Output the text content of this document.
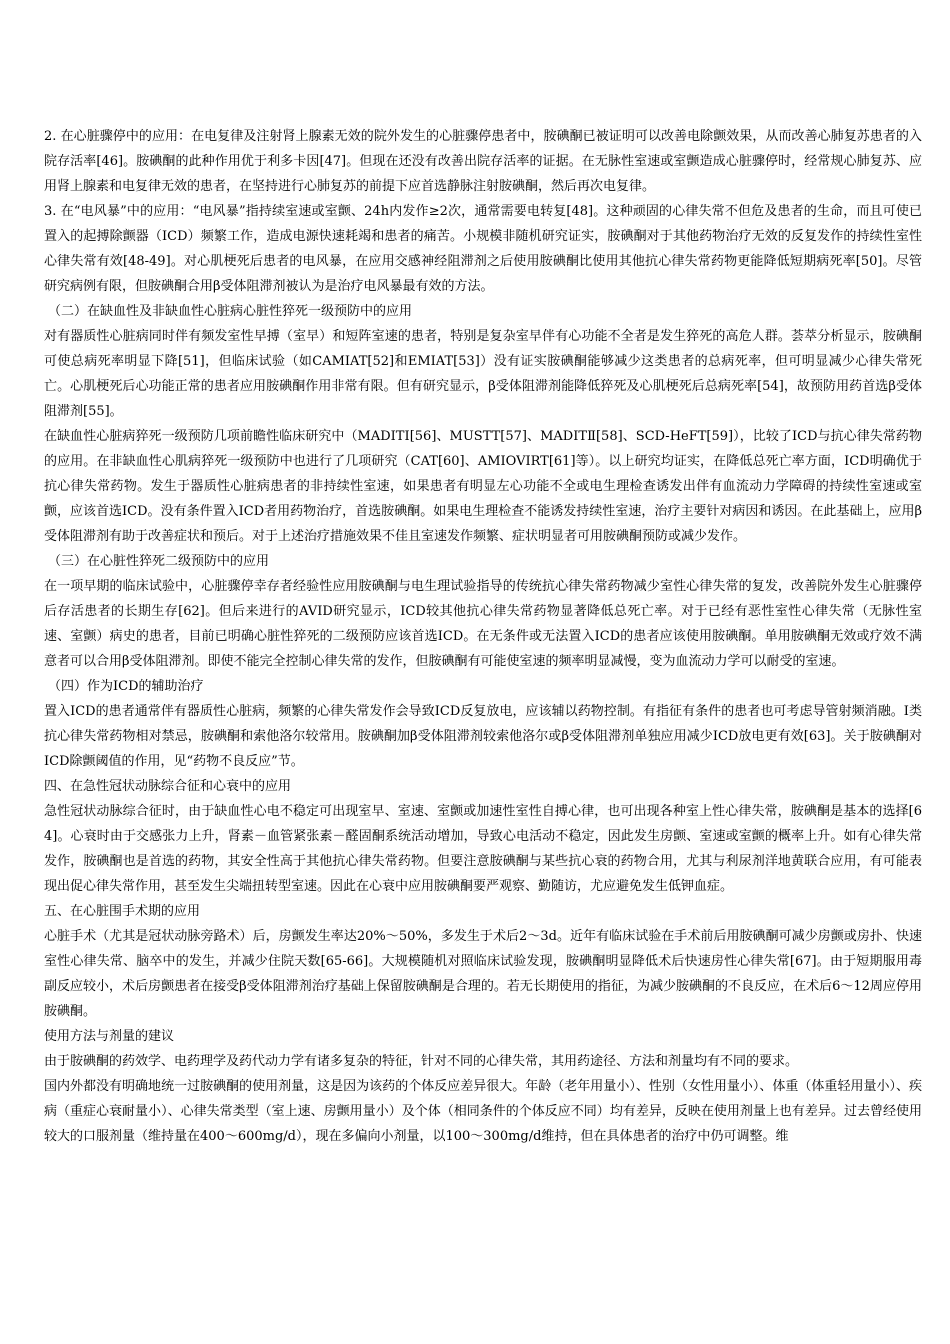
2. 在心脏骤停中的应用：在电复律及注射肾上腺素无效的院外发生的心脏骤停患者中，胺碘酮已被证明可以改善电除颤效果，从而改善心肺复苏患者的入院存活率[46]。胺碘酮的此种作用优于利多卡因[47]。但现在还没有改善出院存活率的证据。在无脉性室速或室颤造成心脏骤停时，经常规心肺复苏、应用肾上腺素和电复律无效的患者，在坚持进行心肺复苏的前提下应首选静脉注射胺碘酮，然后再次电复律。

3. 在“电风暴”中的应用：“电风暴”指持续室速或室颤、24h内发作≥2次，通常需要电转复[48]。这种顽固的心律失常不但危及患者的生命，而且可使已置入的起搏除颤器（ICD）频繁工作，造成电源快速耗竭和患者的痛苦。小规模非随机研究证实，胺碘酮对于其他药物治疗无效的反复发作的持续性室性心律失常有效[48-49]。对心肌梗死后患者的电风暴，在应用交感神经阻滞剂之后使用胺碘酮比使用其他抗心律失常药物更能降低短期病死率[50]。尽管研究病例有限，但胺碘酮合用β受体阻滞剂被认为是治疗电风暴最有效的方法。

（二）在缺血性及非缺血性心脏病心脏性猝死一级预防中的应用

对有器质性心脏病同时伴有频发室性早搏（室早）和短阵室速的患者，特别是复杂室早伴有心功能不全者是发生猝死的高危人群。荟萃分析显示，胺碘酮可使总病死率明显下降[51]，但临床试验（如CAMIAT[52]和EMIAT[53]）没有证实胺碘酮能够减少这类患者的总病死率，但可明显减少心律失常死亡。心肌梗死后心功能正常的患者应用胺碘酮作用非常有限。但有研究显示，β受体阻滞剂能降低猝死及心肌梗死后总病死率[54]，故预防用药首选β受体阻滞剂[55]。

在缺血性心脏病猝死一级预防几项前瞻性临床研究中（MADITⅠ[56]、MUSTT[57]、MADITⅡ[58]、SCD-HeFT[59]），比较了ICD与抗心律失常药物的应用。在非缺血性心肌病猝死一级预防中也进行了几项研究（CAT[60]、AMIOVIRT[61]等）。以上研究均证实，在降低总死亡率方面，ICD明确优于抗心律失常药物。发生于器质性心脏病患者的非持续性室速，如果患者有明显左心功能不全或电生理检查诱发出伴有血流动力学障碍的持续性室速或室颤，应该首选ICD。没有条件置入ICD者用药物治疗，首选胺碘酮。如果电生理检查不能诱发持续性室速，治疗主要针对病因和诱因。在此基础上，应用β受体阻滞剂有助于改善症状和预后。对于上述治疗措施效果不佳且室速发作频繁、症状明显者可用胺碘酮预防或减少发作。

（三）在心脏性猝死二级预防中的应用

在一项早期的临床试验中，心脏骤停幸存者经验性应用胺碘酮与电生理试验指导的传统抗心律失常药物减少室性心律失常的复发，改善院外发生心脏骤停后存活患者的长期生存[62]。但后来进行的AVID研究显示，ICD较其他抗心律失常药物显著降低总死亡率。对于已经有恶性室性心律失常（无脉性室速、室颤）病史的患者，目前已明确心脏性猝死的二级预防应该首选ICD。在无条件或无法置入ICD的患者应该使用胺碘酮。单用胺碘酮无效或疗效不满意者可以合用β受体阻滞剂。即使不能完全控制心律失常的发作，但胺碘酮有可能使室速的频率明显减慢，变为血流动力学可以耐受的室速。

（四）作为ICD的辅助治疗

置入ICD的患者通常伴有器质性心脏病，频繁的心律失常发作会导致ICD反复放电，应该辅以药物控制。有指征有条件的患者也可考虑导管射频消融。Ⅰ类抗心律失常药物相对禁忌，胺碘酮和索他洛尔较常用。胺碘酮加β受体阻滞剂较索他洛尔或β受体阻滞剂单独应用减少ICD放电更有效[63]。关于胺碘酮对ICD除颤阈值的作用，见“药物不良反应”节。

四、在急性冠状动脉综合征和心衰中的应用

急性冠状动脉综合征时，由于缺血性心电不稳定可出现室早、室速、室颤或加速性室性自搏心律，也可出现各种室上性心律失常，胺碘酮是基本的选择[64]。心衰时由于交感张力上升，肾素－血管紧张素－醛固酮系统活动增加，导致心电活动不稳定，因此发生房颤、室速或室颤的概率上升。如有心律失常发作，胺碘酮也是首选的药物，其安全性高于其他抗心律失常药物。但要注意胺碘酮与某些抗心衰的药物合用，尤其与利尿剂洋地黄联合应用，有可能表现出促心律失常作用，甚至发生尖端扭转型室速。因此在心衰中应用胺碘酮要严观察、勤随访，尤应避免发生低钾血症。

五、在心脏围手术期的应用

心脏手术（尤其是冠状动脉旁路术）后，房颤发生率达20%～50%，多发生于术后2～3d。近年有临床试验在手术前后用胺碘酮可减少房颤或房扑、快速室性心律失常、脑卒中的发生，并减少住院天数[65-66]。大规模随机对照临床试验发现，胺碘酮明显降低术后快速房性心律失常[67]。由于短期服用毒副反应较小，术后房颤患者在接受β受体阻滞剂治疗基础上保留胺碘酮是合理的。若无长期使用的指征，为减少胺碘酮的不良反应，在术后6～12周应停用胺碘酮。

使用方法与剂量的建议

由于胺碘酮的药效学、电药理学及药代动力学有诸多复杂的特征，针对不同的心律失常，其用药途径、方法和剂量均有不同的要求。

国内外都没有明确地统一过胺碘酮的使用剂量，这是因为该药的个体反应差异很大。年龄（老年用量小）、性别（女性用量小）、体重（体重轻用量小）、疾病（重症心衰耐量小）、心律失常类型（室上速、房颤用量小）及个体（相同条件的个体反应不同）均有差异，反映在使用剂量上也有差异。过去曾经使用较大的口服剂量（维持量在400～600mg/d），现在多偏向小剂量，以100～300mg/d维持，但在具体患者的治疗中仍可调整。维
